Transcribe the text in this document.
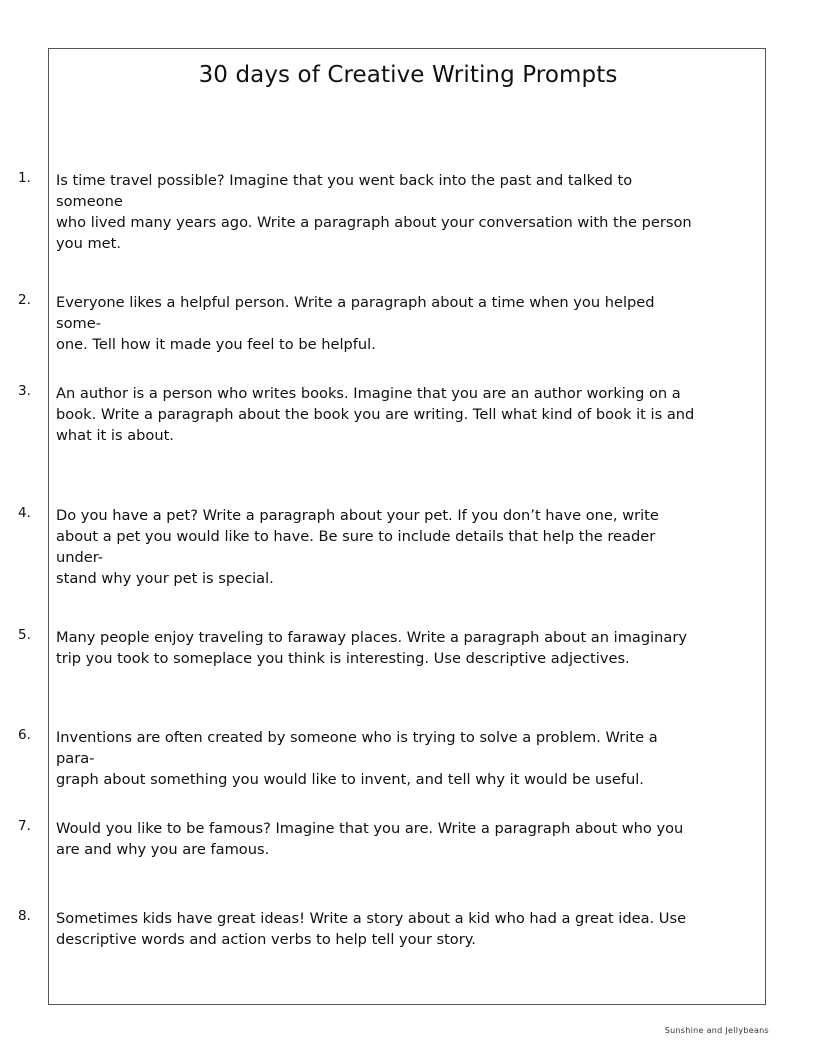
30 days of Creative Writing Prompts
1. Is time travel possible? Imagine that you went back into the past and talked to someone
who lived many years ago. Write a paragraph about your conversation with the person
you met.
2. Everyone likes a helpful person. Write a paragraph about a time when you helped some-
one. Tell how it made you feel to be helpful.
3. An author is a person who writes books. Imagine that you are an author working on a
book. Write a paragraph about the book you are writing. Tell what kind of book it is and
what it is about.
4. Do you have a pet? Write a paragraph about your pet. If you don’t have one, write
about a pet you would like to have. Be sure to include details that help the reader under-
stand why your pet is special.
5. Many people enjoy traveling to faraway places. Write a paragraph about an imaginary
trip you took to someplace you think is interesting. Use descriptive adjectives.
6. Inventions are often created by someone who is trying to solve a problem. Write a para-
graph about something you would like to invent, and tell why it would be useful.
7. Would you like to be famous? Imagine that you are. Write a paragraph about who you
are and why you are famous.
8. Sometimes kids have great ideas! Write a story about a kid who had a great idea. Use
descriptive words and action verbs to help tell your story.
Sunshine and Jellybeans
